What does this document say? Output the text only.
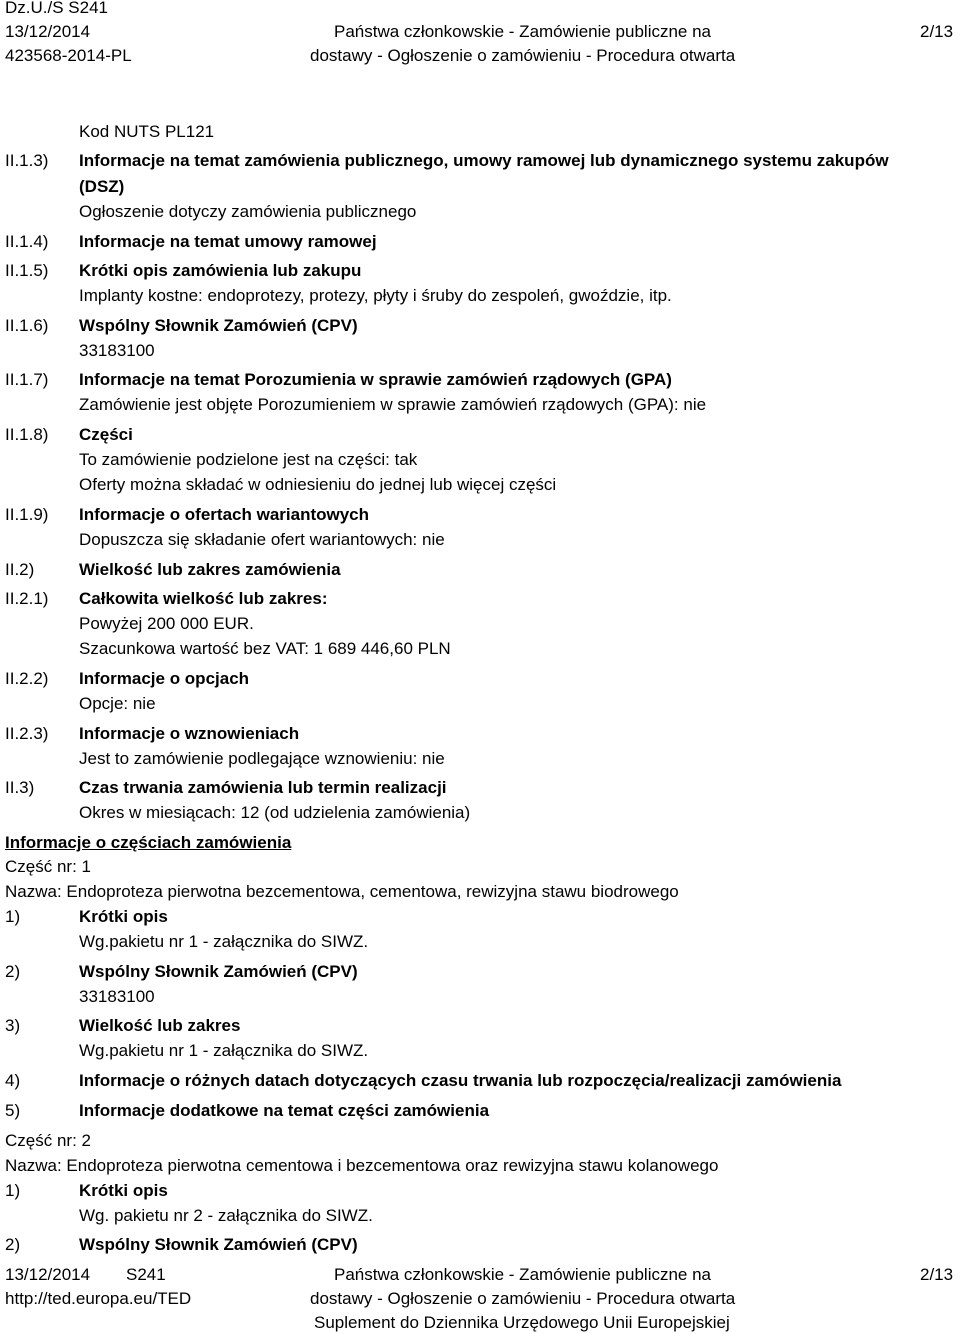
Dz.U./S S241
13/12/2014
423568-2014-PL
Państwa członkowskie - Zamówienie publiczne na
dostawy - Ogłoszenie o zamówieniu - Procedura otwarta
2/13
Kod NUTS PL121
II.1.3) Informacje na temat zamówienia publicznego, umowy ramowej lub dynamicznego systemu zakupów
(DSZ)
Ogłoszenie dotyczy zamówienia publicznego
II.1.4) Informacje na temat umowy ramowej
II.1.5) Krótki opis zamówienia lub zakupu
Implanty kostne: endoprotezy, protezy, płyty i śruby do zespoleń, gwoździe, itp.
II.1.6) Wspólny Słownik Zamówień (CPV)
33183100
II.1.7) Informacje na temat Porozumienia w sprawie zamówień rządowych (GPA)
Zamówienie jest objęte Porozumieniem w sprawie zamówień rządowych (GPA): nie
II.1.8) Części
To zamówienie podzielone jest na części: tak
Oferty można składać w odniesieniu do jednej lub więcej części
II.1.9) Informacje o ofertach wariantowych
Dopuszcza się składanie ofert wariantowych: nie
II.2)	Wielkość lub zakres zamówienia
II.2.1) Całkowita wielkość lub zakres:
Powyżej 200 000 EUR.
Szacunkowa wartość bez VAT: 1 689 446,60 PLN
II.2.2) Informacje o opcjach
Opcje: nie
II.2.3) Informacje o wznowieniach
Jest to zamówienie podlegające wznowieniu: nie
II.3)	Czas trwania zamówienia lub termin realizacji
Okres w miesiącach: 12 (od udzielenia zamówienia)
Informacje o częściach zamówienia
Część nr: 1
Nazwa: Endoproteza pierwotna bezcementowa, cementowa, rewizyjna stawu biodrowego
1)	Krótki opis
Wg.pakietu nr 1 - załącznika do SIWZ.
2)	Wspólny Słownik Zamówień (CPV)
33183100
3)	Wielkość lub zakres
Wg.pakietu nr 1 - załącznika do SIWZ.
4)	Informacje o różnych datach dotyczących czasu trwania lub rozpoczęcia/realizacji zamówienia
5)	Informacje dodatkowe na temat części zamówienia
Część nr: 2
Nazwa: Endoproteza pierwotna cementowa i bezcementowa oraz rewizyjna stawu kolanowego
1)	Krótki opis
Wg. pakietu nr 2 - załącznika do SIWZ.
2)	Wspólny Słownik Zamówień (CPV)
13/12/2014 S241
http://ted.europa.eu/TED
Państwa członkowskie - Zamówienie publiczne na
dostawy - Ogłoszenie o zamówieniu - Procedura otwarta
Suplement do Dziennika Urzędowego Unii Europejskiej
2/13
